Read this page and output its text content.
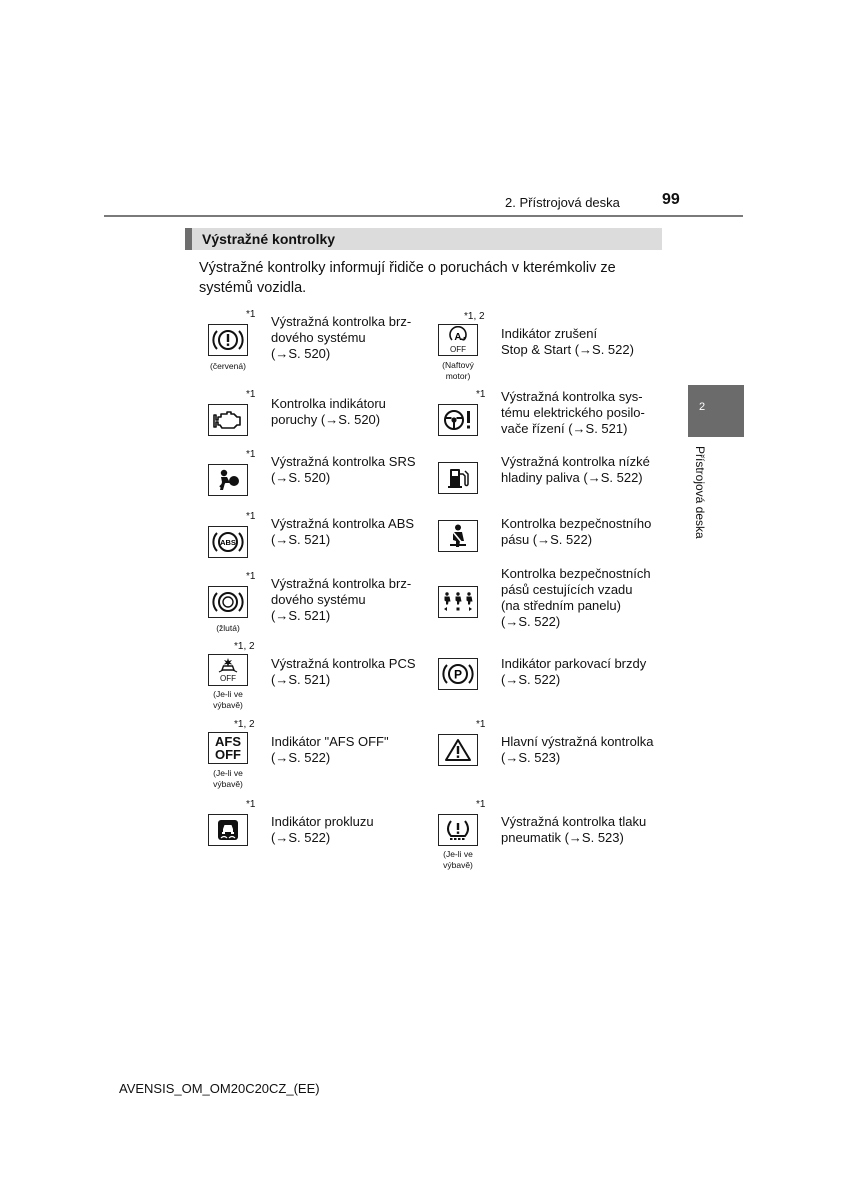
2. Přístrojová deska	99
Výstražné kontrolky
Výstražné kontrolky informují řidiče o poruchách v kterémkoliv ze systémů vozidla.
2
Přístrojová deska
*1
(červená)
Výstražná kontrolka brz-
dového systému
(→S. 520)
*1, 2
A
OFF
(Naftový
motor)
Indikátor zrušení
Stop & Start (→S. 522)
*1
Kontrolka indikátoru
poruchy (→S. 520)
*1 Výstražná kontrolka sys-
tému elektrického posilo-
vače řízení (→S. 521)
*1 Výstražná kontrolka SRS
(→S. 520)
Výstražná kontrolka nízké
hladiny paliva (→S. 522)
*1
ABS
Výstražná kontrolka ABS
(→S. 521)
Kontrolka bezpečnostního
pásu (→S. 522)
*1
(žlutá)
Výstražná kontrolka brz-
dového systému
(→S. 521)
Kontrolka bezpečnostních
pásů cestujících vzadu
(na středním panelu)
(→S. 522)
*1, 2
OFF
(Je-li ve
výbavě)
Výstražná kontrolka PCS
(→S. 521)	P
Indikátor parkovací brzdy
(→S. 522)
*1, 2
AFS
OFF
(Je-li ve
výbavě)
Indikátor "AFS OFF"
(→S. 522)
*1
Hlavní výstražná kontrolka
(→S. 523)
*1
Indikátor prokluzu
(→S. 522)
*1
(Je-li ve
výbavě)
Výstražná kontrolka tlaku
pneumatik (→S. 523)
AVENSIS_OM_OM20C20CZ_(EE)
